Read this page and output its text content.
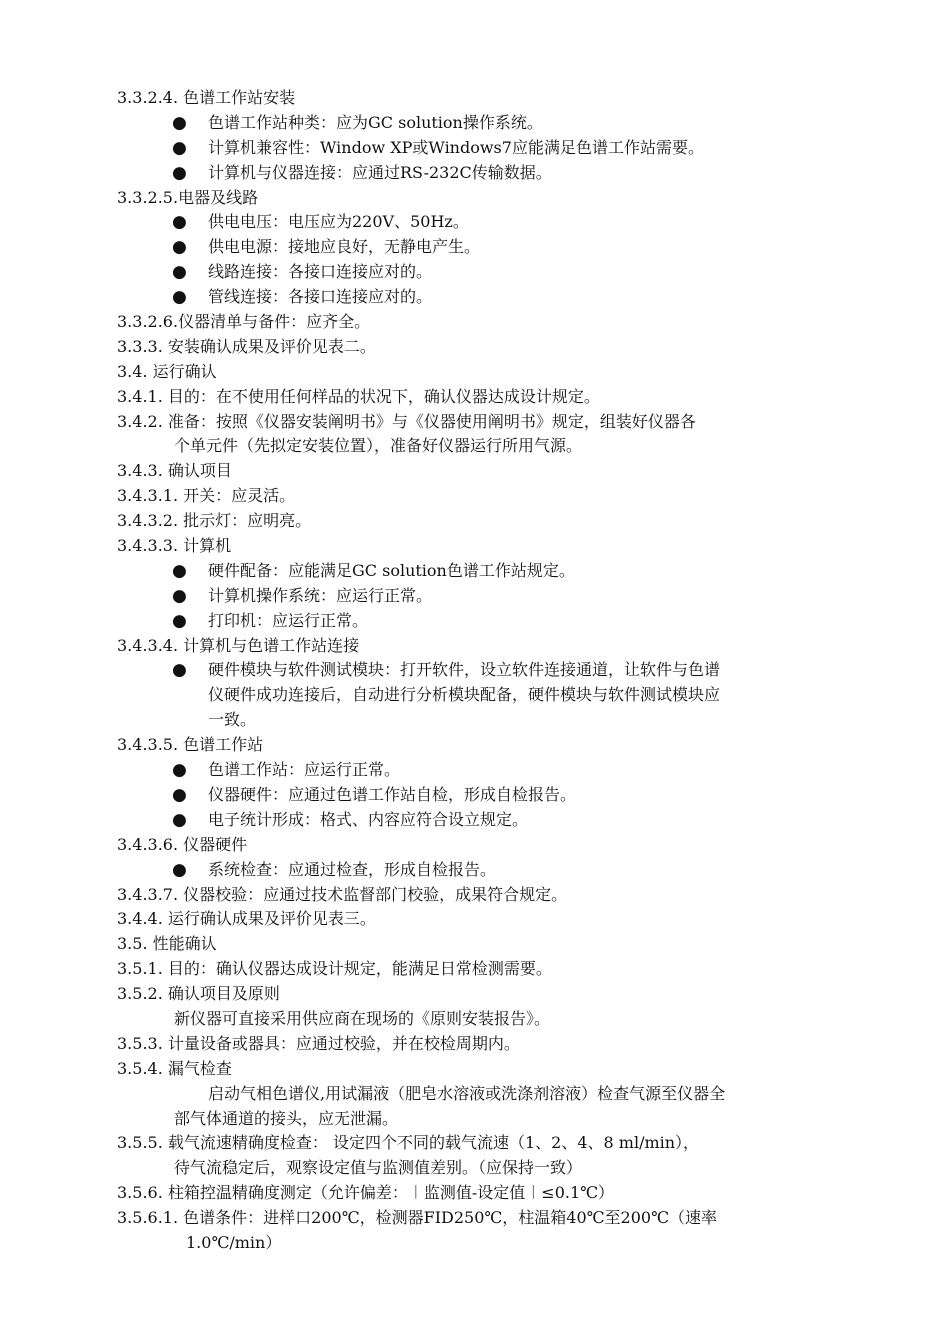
3.3.2.4. 色谱工作站安装
● 色谱工作站种类：应为GC solution操作系统。
● 计算机兼容性：Window XP或Windows7应能满足色谱工作站需要。
● 计算机与仪器连接：应通过RS-232C传输数据。
3.3.2.5.电器及线路
● 供电电压：电压应为220V、50Hz。
● 供电电源：接地应良好，无静电产生。
● 线路连接：各接口连接应对的。
● 管线连接：各接口连接应对的。
3.3.2.6.仪器清单与备件：应齐全。
3.3.3. 安装确认成果及评价见表二。
3.4. 运行确认
3.4.1. 目的：在不使用任何样品的状况下，确认仪器达成设计规定。
3.4.2. 准备：按照《仪器安装阐明书》与《仪器使用阐明书》规定，组装好仪器各
个单元件（先拟定安装位置），准备好仪器运行所用气源。
3.4.3. 确认项目
3.4.3.1. 开关：应灵活。
3.4.3.2. 批示灯：应明亮。
3.4.3.3. 计算机
● 硬件配备：应能满足GC solution色谱工作站规定。
● 计算机操作系统：应运行正常。
● 打印机：应运行正常。
3.4.3.4. 计算机与色谱工作站连接
● 硬件模块与软件测试模块：打开软件，设立软件连接通道，让软件与色谱
仪硬件成功连接后，自动进行分析模块配备，硬件模块与软件测试模块应
一致。
3.4.3.5. 色谱工作站
● 色谱工作站：应运行正常。
● 仪器硬件：应通过色谱工作站自检，形成自检报告。
● 电子统计形成：格式、内容应符合设立规定。
3.4.3.6. 仪器硬件
● 系统检查：应通过检查，形成自检报告。
3.4.3.7. 仪器校验：应通过技术监督部门校验，成果符合规定。
3.4.4. 运行确认成果及评价见表三。
3.5. 性能确认
3.5.1. 目的：确认仪器达成设计规定，能满足日常检测需要。
3.5.2. 确认项目及原则
新仪器可直接采用供应商在现场的《原则安装报告》。
3.5.3. 计量设备或器具：应通过校验，并在校检周期内。
3.5.4. 漏气检查
启动气相色谱仪,用试漏液（肥皂水溶液或洗涤剂溶液）检查气源至仪器全
部气体通道的接头，应无泄漏。
3.5.5. 载气流速精确度检查： 设定四个不同的载气流速（1、2、4、8 ml/min），
待气流稳定后，观察设定值与监测值差别。（应保持一致）
3.5.6. 柱箱控温精确度测定（允许偏差：︱监测值-设定值︱≤0.1℃）
3.5.6.1. 色谱条件：进样口200℃，检测器FID250℃，柱温箱40℃至200℃（速率
1.0℃/min）
